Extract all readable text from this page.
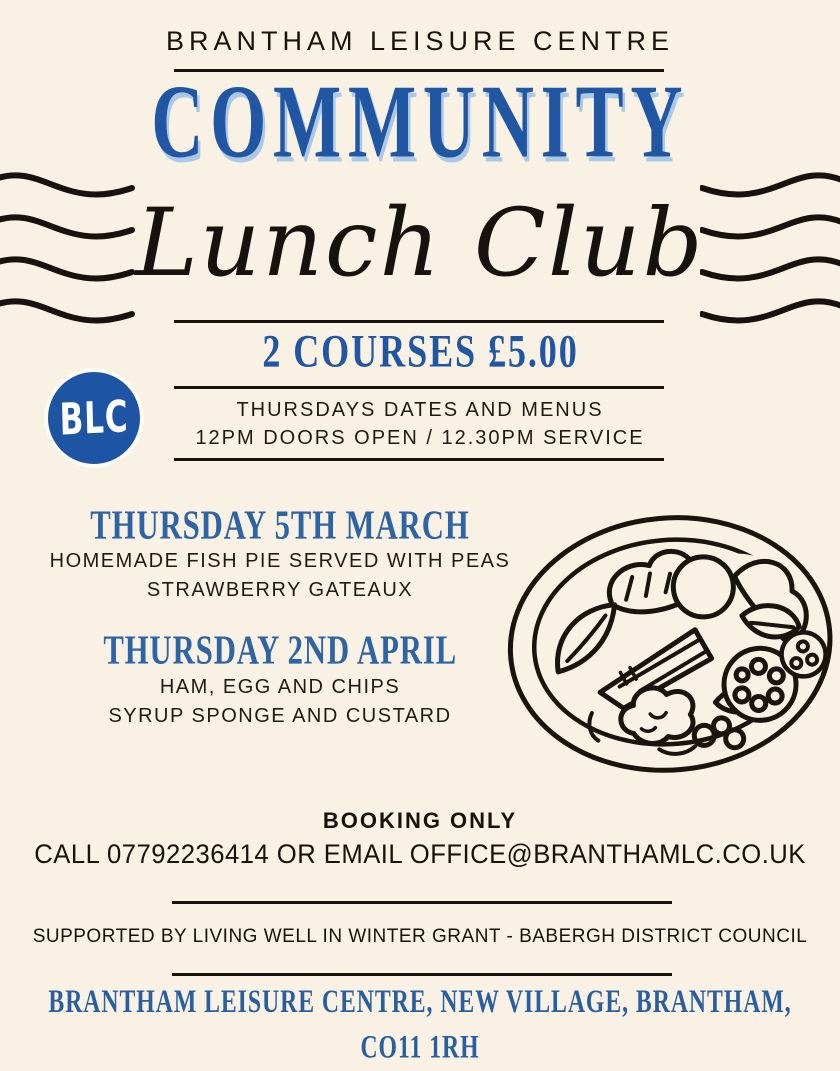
BRANTHAM LEISURE CENTRE
COMMUNITY
Lunch Club
2 COURSES £5.00
THURSDAYS DATES AND MENUS
12PM DOORS OPEN / 12.30PM SERVICE
BLC
THURSDAY 5TH MARCH
HOMEMADE FISH PIE SERVED WITH PEAS
STRAWBERRY GATEAUX
THURSDAY 2ND APRIL
HAM, EGG AND CHIPS
SYRUP SPONGE AND CUSTARD
BOOKING ONLY
CALL 07792236414 OR EMAIL OFFICE@BRANTHAMLC.CO.UK
SUPPORTED BY LIVING WELL IN WINTER GRANT - BABERGH DISTRICT COUNCIL
BRANTHAM LEISURE CENTRE, NEW VILLAGE, BRANTHAM, CO11 1RH
